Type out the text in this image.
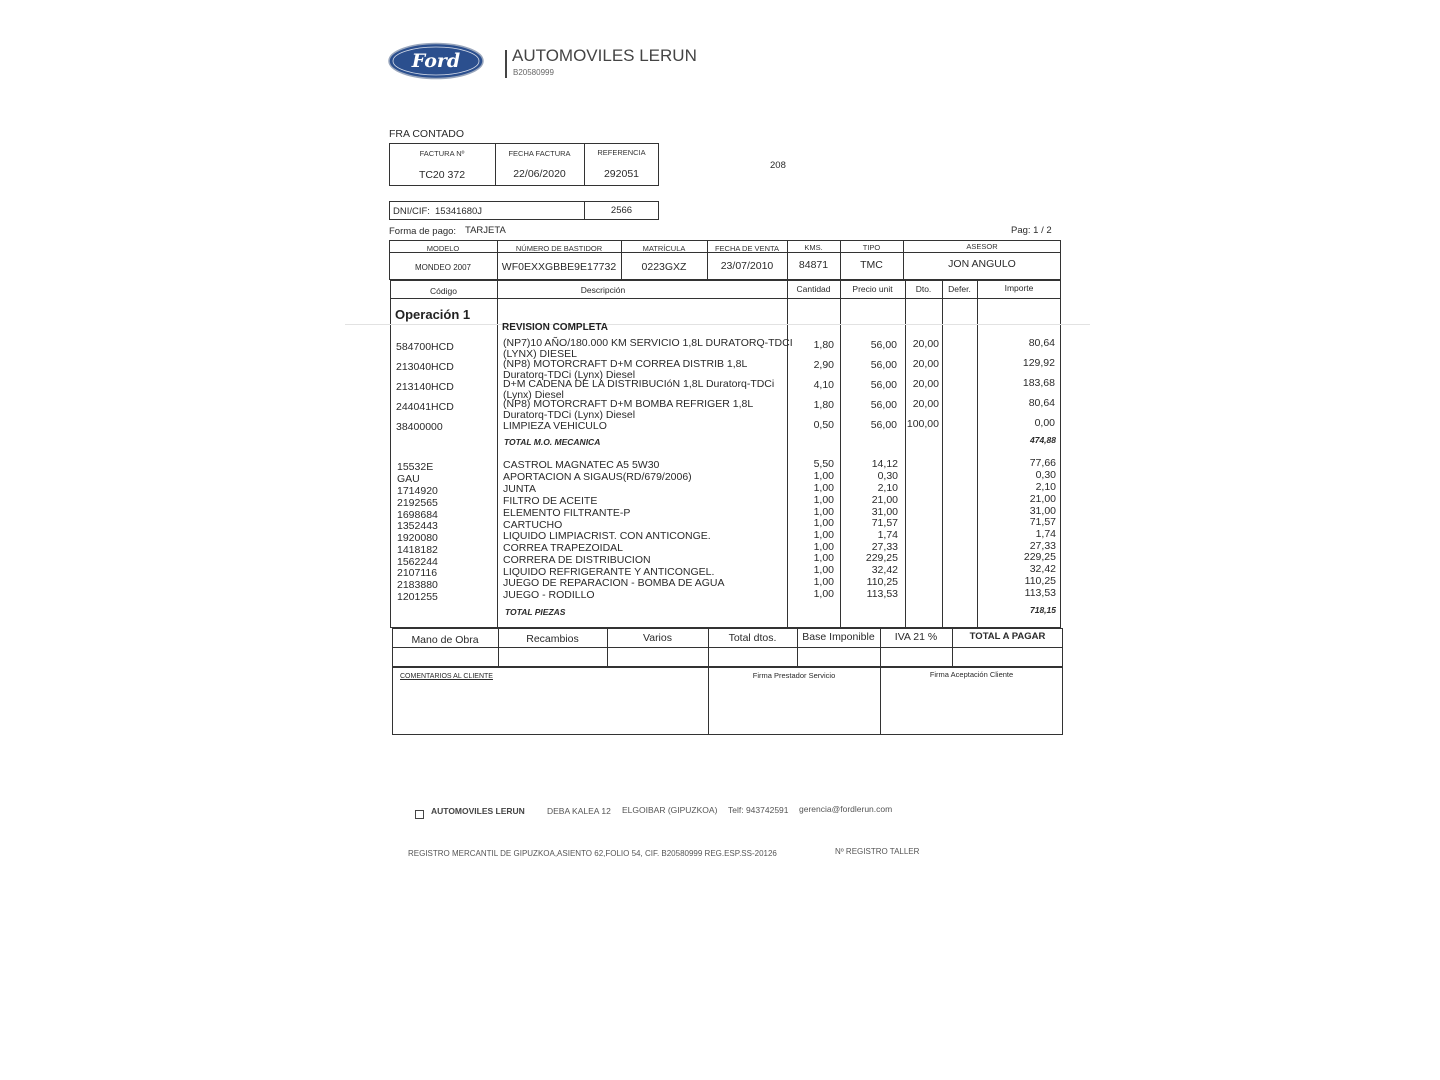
Ford	AUTOMOVILES LERUN
B20580999
FRA CONTADO
FACTURA Nº	FECHA FACTURA	REFERENCIA
TC20 372	22/06/2020	292051
208
DNI/CIF: 15341680J	2566
Forma de pago: TARJETA	Pag: 1 / 2
MODELO	NÚMERO DE BASTIDOR	MATRÍCULA	FECHA DE VENTA	KMS.	TIPO	ASESOR
MONDEO 2007	WF0EXXGBBE9E17732	0223GXZ	23/07/2010	84871	TMC	JON ANGULO
Código	Descripción	Cantidad	Precio unit	Dto.	Defer.	Importe
Operación 1
REVISION COMPLETA
584700HCD	(NP7)10 AÑO/180.000 KM SERVICIO 1,8L DURATORQ-TDCI
(LYNX) DIESEL
1,80	56,00	20,00	80,64
213040HCD	(NP8) MOTORCRAFT D+M CORREA DISTRIB 1,8L
Duratorq-TDCi (Lynx) Diesel
2,90	56,00	20,00	129,92
213140HCD	D+M CADENA DE LA DISTRIBUCIóN 1,8L Duratorq-TDCi
(Lynx) Diesel
4,10	56,00	20,00	183,68
244041HCD	(NP8) MOTORCRAFT D+M BOMBA REFRIGER 1,8L
Duratorq-TDCi (Lynx) Diesel
1,80	56,00	20,00	80,64
38400000	LIMPIEZA VEHICULO	0,50	56,00 100,00	0,00
TOTAL M.O. MECANICA	474,88
15532E	CASTROL MAGNATEC A5 5W30	5,50	14,12	77,66
GAU	APORTACION A SIGAUS(RD/679/2006)	1,00	0,30	0,30
1714920	JUNTA	1,00	2,10	2,10
2192565	FILTRO DE ACEITE	1,00	21,00	21,00
1698684	ELEMENTO FILTRANTE-P	1,00	31,00	31,00
1352443	CARTUCHO	1,00	71,57	71,57
1920080	LIQUIDO LIMPIACRIST. CON ANTICONGE.	1,00	1,74	1,74
1418182	CORREA TRAPEZOIDAL	1,00	27,33	27,33
1562244	CORRERA DE DISTRIBUCION	1,00	229,25	229,25
2107116	LIQUIDO REFRIGERANTE Y ANTICONGEL.	1,00	32,42	32,42
2183880	JUEGO DE REPARACION - BOMBA DE AGUA	1,00	110,25	110,25
1201255	JUEGO - RODILLO	1,00	113,53	113,53
TOTAL PIEZAS	718,15
Mano de Obra	Recambios	Varios	Total dtos.	Base Imponible	IVA 21 %	TOTAL A PAGAR
COMENTARIOS AL CLIENTE	Firma Prestador Servicio	Firma Aceptación Cliente
AUTOMOVILES LERUN	DEBA KALEA 12 ELGOIBAR (GIPUZKOA) Telf: 943742591 gerencia@fordlerun.com
REGISTRO MERCANTIL DE GIPUZKOA,ASIENTO 62,FOLIO 54, CIF. B20580999 REG.ESP.SS-20126	Nº REGISTRO TALLER
